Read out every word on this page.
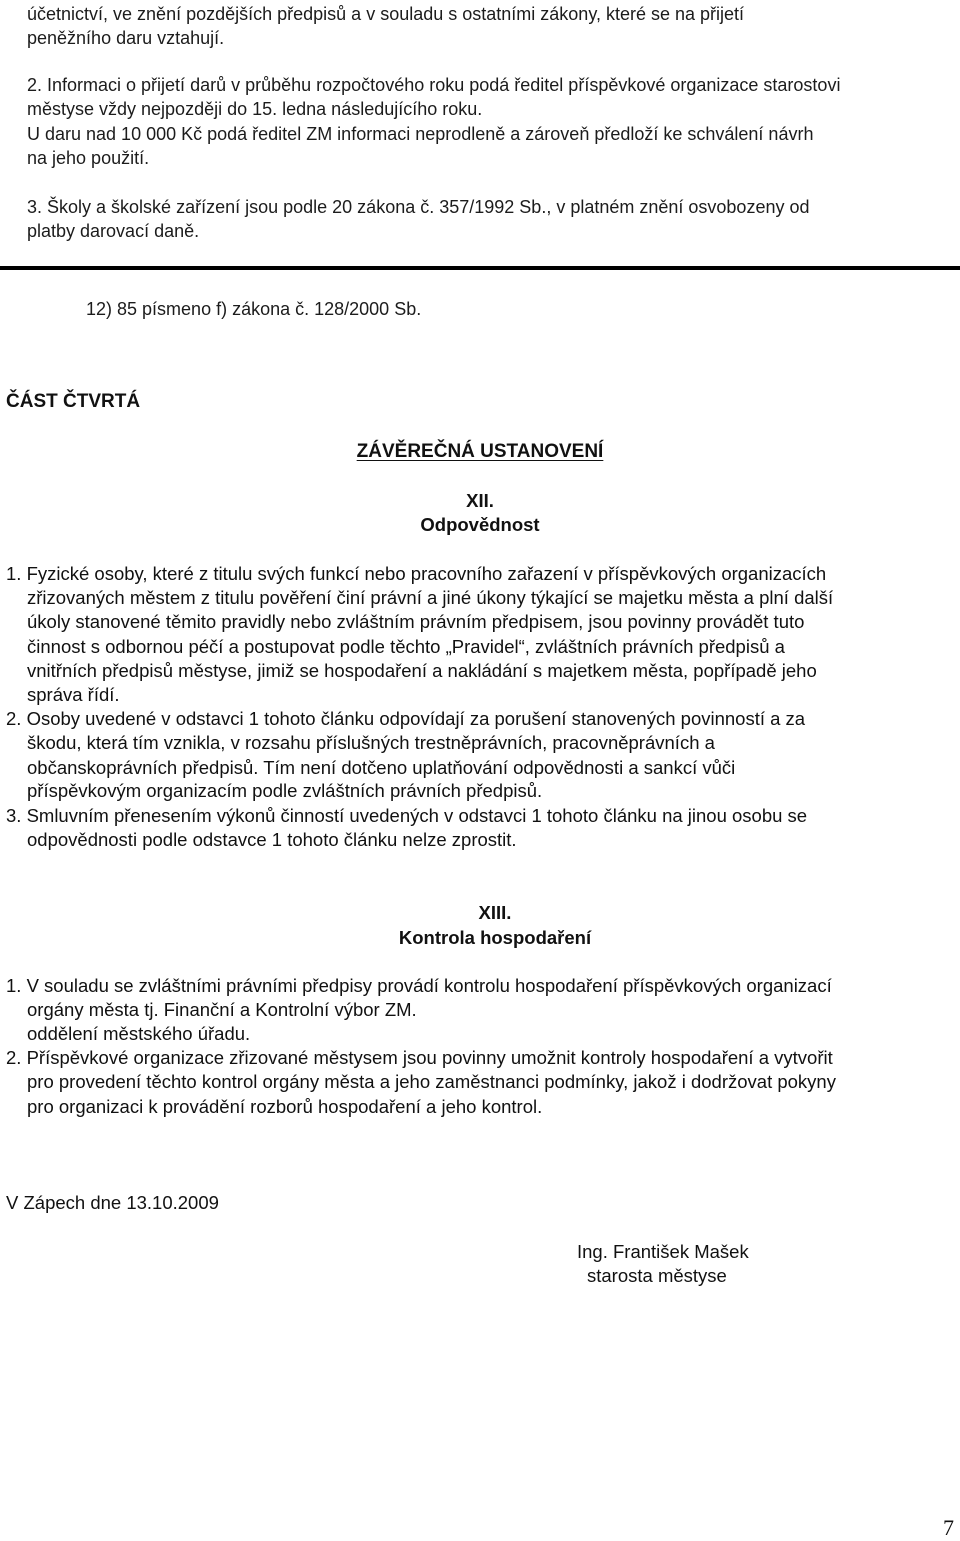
účetnictví, ve znění pozdějších předpisů a v souladu s ostatními zákony, které se na přijetí
peněžního daru vztahují.
2. Informaci o přijetí darů v průběhu rozpočtového roku podá ředitel příspěvkové organizace starostovi
městyse vždy nejpozději do 15. ledna následujícího roku.
U daru nad 10 000 Kč podá ředitel ZM informaci neprodleně a zároveň předloží ke schválení návrh
na jeho použití.
3. Školy a školské zařízení jsou podle 20 zákona č. 357/1992 Sb., v platném znění osvobozeny od
platby darovací daně.
12) 85 písmeno f) zákona č. 128/2000 Sb.
ČÁST ČTVRTÁ
ZÁVĚREČNÁ USTANOVENÍ
XII.
Odpovědnost
1. Fyzické osoby, které z titulu svých funkcí nebo pracovního zařazení v příspěvkových organizacích
zřizovaných městem z titulu pověření činí právní a jiné úkony týkající se majetku města a plní další
úkoly stanovené těmito pravidly nebo zvláštním právním předpisem, jsou povinny provádět tuto
činnost s odbornou péčí a postupovat podle těchto „Pravidel“, zvláštních právních předpisů a
vnitřních předpisů městyse, jimiž se hospodaření a nakládání s majetkem města, popřípadě jeho
správa řídí.
2. Osoby uvedené v odstavci 1 tohoto článku odpovídají za porušení stanovených povinností a za
škodu, která tím vznikla, v rozsahu příslušných trestněprávních, pracovněprávních a
občanskoprávních předpisů. Tím není dotčeno uplatňování odpovědnosti a sankcí vůči
příspěvkovým organizacím podle zvláštních právních předpisů.
3. Smluvním přenesením výkonů činností uvedených v odstavci 1 tohoto článku na jinou osobu se
odpovědnosti podle odstavce 1 tohoto článku nelze zprostit.
XIII.
Kontrola hospodaření
1. V souladu se zvláštními právními předpisy provádí kontrolu hospodaření příspěvkových organizací
orgány města tj. Finanční a Kontrolní výbor ZM.
oddělení městského úřadu.
2. Příspěvkové organizace zřizované městysem jsou povinny umožnit kontroly hospodaření a vytvořit
pro provedení těchto kontrol orgány města a jeho zaměstnanci podmínky, jakož i dodržovat pokyny
pro organizaci k provádění rozborů hospodaření a jeho kontrol.
V Zápech dne 13.10.2009
Ing. František Mašek
starosta městyse
7
